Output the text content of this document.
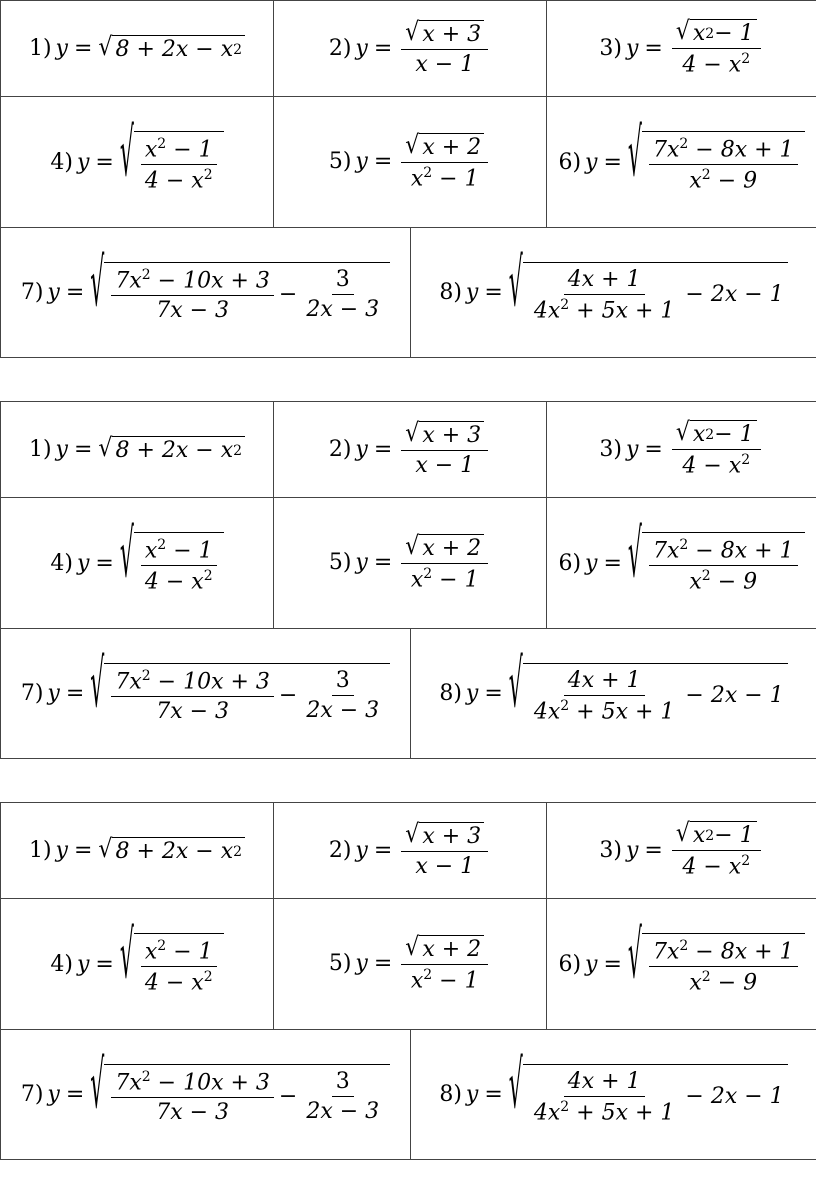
1) y = √ 8 + 2x − x 2	2) $y = \frac{√ x + 3}{x - 1}$	3) $y = \frac{√ x 2 - 1}{4 - x^2}$
4) y = √ $\frac{x^2 - 1}{4 - x^2}$	5) $y = \frac{√ x + 2}{x^2 - 1}$	6) y = √ $\frac{7x^2 - 8x + 1}{x^2 - 9}$
7) y = √ $\frac{7x^2 - 10x + 3}{7x - 3} - \frac{3}{2x - 3}$	8) y = √ $\frac{4x + 1}{4x^2 + 5x + 1} - 2x - 1$
1) y = √ 8 + 2x − x 2	2) $y = \frac{√ x + 3}{x - 1}$	3) $y = \frac{√ x 2 - 1}{4 - x^2}$
4) y = √ $\frac{x^2 - 1}{4 - x^2}$	5) $y = \frac{√ x + 2}{x^2 - 1}$	6) y = √ $\frac{7x^2 - 8x + 1}{x^2 - 9}$
7) y = √ $\frac{7x^2 - 10x + 3}{7x - 3} - \frac{3}{2x - 3}$	8) y = √ $\frac{4x + 1}{4x^2 + 5x + 1} - 2x - 1$
1) y = √ 8 + 2x − x 2	2) $y = \frac{√ x + 3}{x - 1}$	3) $y = \frac{√ x 2 - 1}{4 - x^2}$
4) y = √ $\frac{x^2 - 1}{4 - x^2}$	5) $y = \frac{√ x + 2}{x^2 - 1}$	6) y = √ $\frac{7x^2 - 8x + 1}{x^2 - 9}$
7) y = √ $\frac{7x^2 - 10x + 3}{7x - 3} - \frac{3}{2x - 3}$	8) y = √ $\frac{4x + 1}{4x^2 + 5x + 1} - 2x - 1$
